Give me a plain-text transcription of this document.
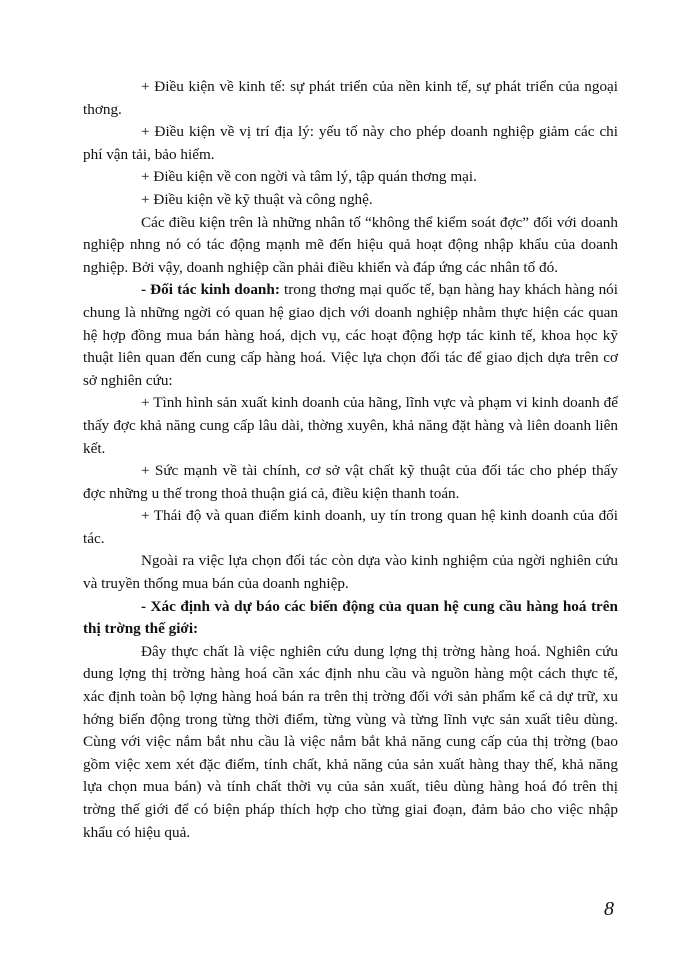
+ Điều kiện về kinh tế: sự phát triển của nền kinh tế, sự phát triển của ngoại thơng.

+ Điều kiện về vị trí địa lý: yếu tố này cho phép doanh nghiệp giảm các chi phí vận tải, bảo hiểm.

+ Điều kiện về con ngời và tâm lý, tập quán thơng mại.

+ Điều kiện về kỹ thuật và công nghệ.

Các điều kiện trên là những nhân tố “không thể kiểm soát đợc” đối với doanh nghiệp nhng nó có tác động mạnh mẽ đến hiệu quả hoạt động nhập khẩu của doanh nghiệp. Bởi vậy, doanh nghiệp cần phải điều khiển và đáp ứng các nhân tố đó.

- Đối tác kinh doanh: trong thơng mại quốc tế, bạn hàng hay khách hàng nói chung là những ngời có quan hệ giao dịch với doanh nghiệp nhằm thực hiện các quan hệ hợp đồng mua bán hàng hoá, dịch vụ, các hoạt động hợp tác kinh tế, khoa học kỹ thuật liên quan đến cung cấp hàng hoá. Việc lựa chọn đối tác để giao dịch dựa trên cơ sở nghiên cứu:

+ Tình hình sản xuất kinh doanh của hãng, lĩnh vực và phạm vi kinh doanh để thấy đợc khả năng cung cấp lâu dài, thờng xuyên, khả năng đặt hàng và liên doanh liên kết.

+ Sức mạnh về tài chính, cơ sở vật chất kỹ thuật của đối tác cho phép thấy đợc những u thế trong thoả thuận giá cả, điều kiện thanh toán.

+ Thái độ và quan điểm kinh doanh, uy tín trong quan hệ kinh doanh của đối tác.

Ngoài ra việc lựa chọn đối tác còn dựa vào kinh nghiệm của ngời nghiên cứu và truyền thống mua bán của doanh nghiệp.

- Xác định và dự báo các biến động của quan hệ cung cầu hàng hoá trên thị trờng thế giới:

Đây thực chất là việc nghiên cứu dung lợng thị trờng hàng hoá. Nghiên cứu dung lợng thị trờng hàng hoá cần xác định nhu cầu và nguồn hàng một cách thực tế, xác định toàn bộ lợng hàng hoá bán ra trên thị trờng đối với sản phẩm kể cả dự trữ, xu hớng biến động trong từng thời điểm, từng vùng và từng lĩnh vực sản xuất tiêu dùng. Cùng với việc nắm bắt nhu cầu là việc nắm bắt khả năng cung cấp của thị trờng (bao gồm việc xem xét đặc điểm, tính chất, khả năng của sản xuất hàng thay thế, khả năng lựa chọn mua bán) và tính chất thời vụ của sản xuất, tiêu dùng hàng hoá đó trên thị trờng thế giới để có biện pháp thích hợp cho từng giai đoạn, đảm bảo cho việc nhập khẩu có hiệu quả.

8
